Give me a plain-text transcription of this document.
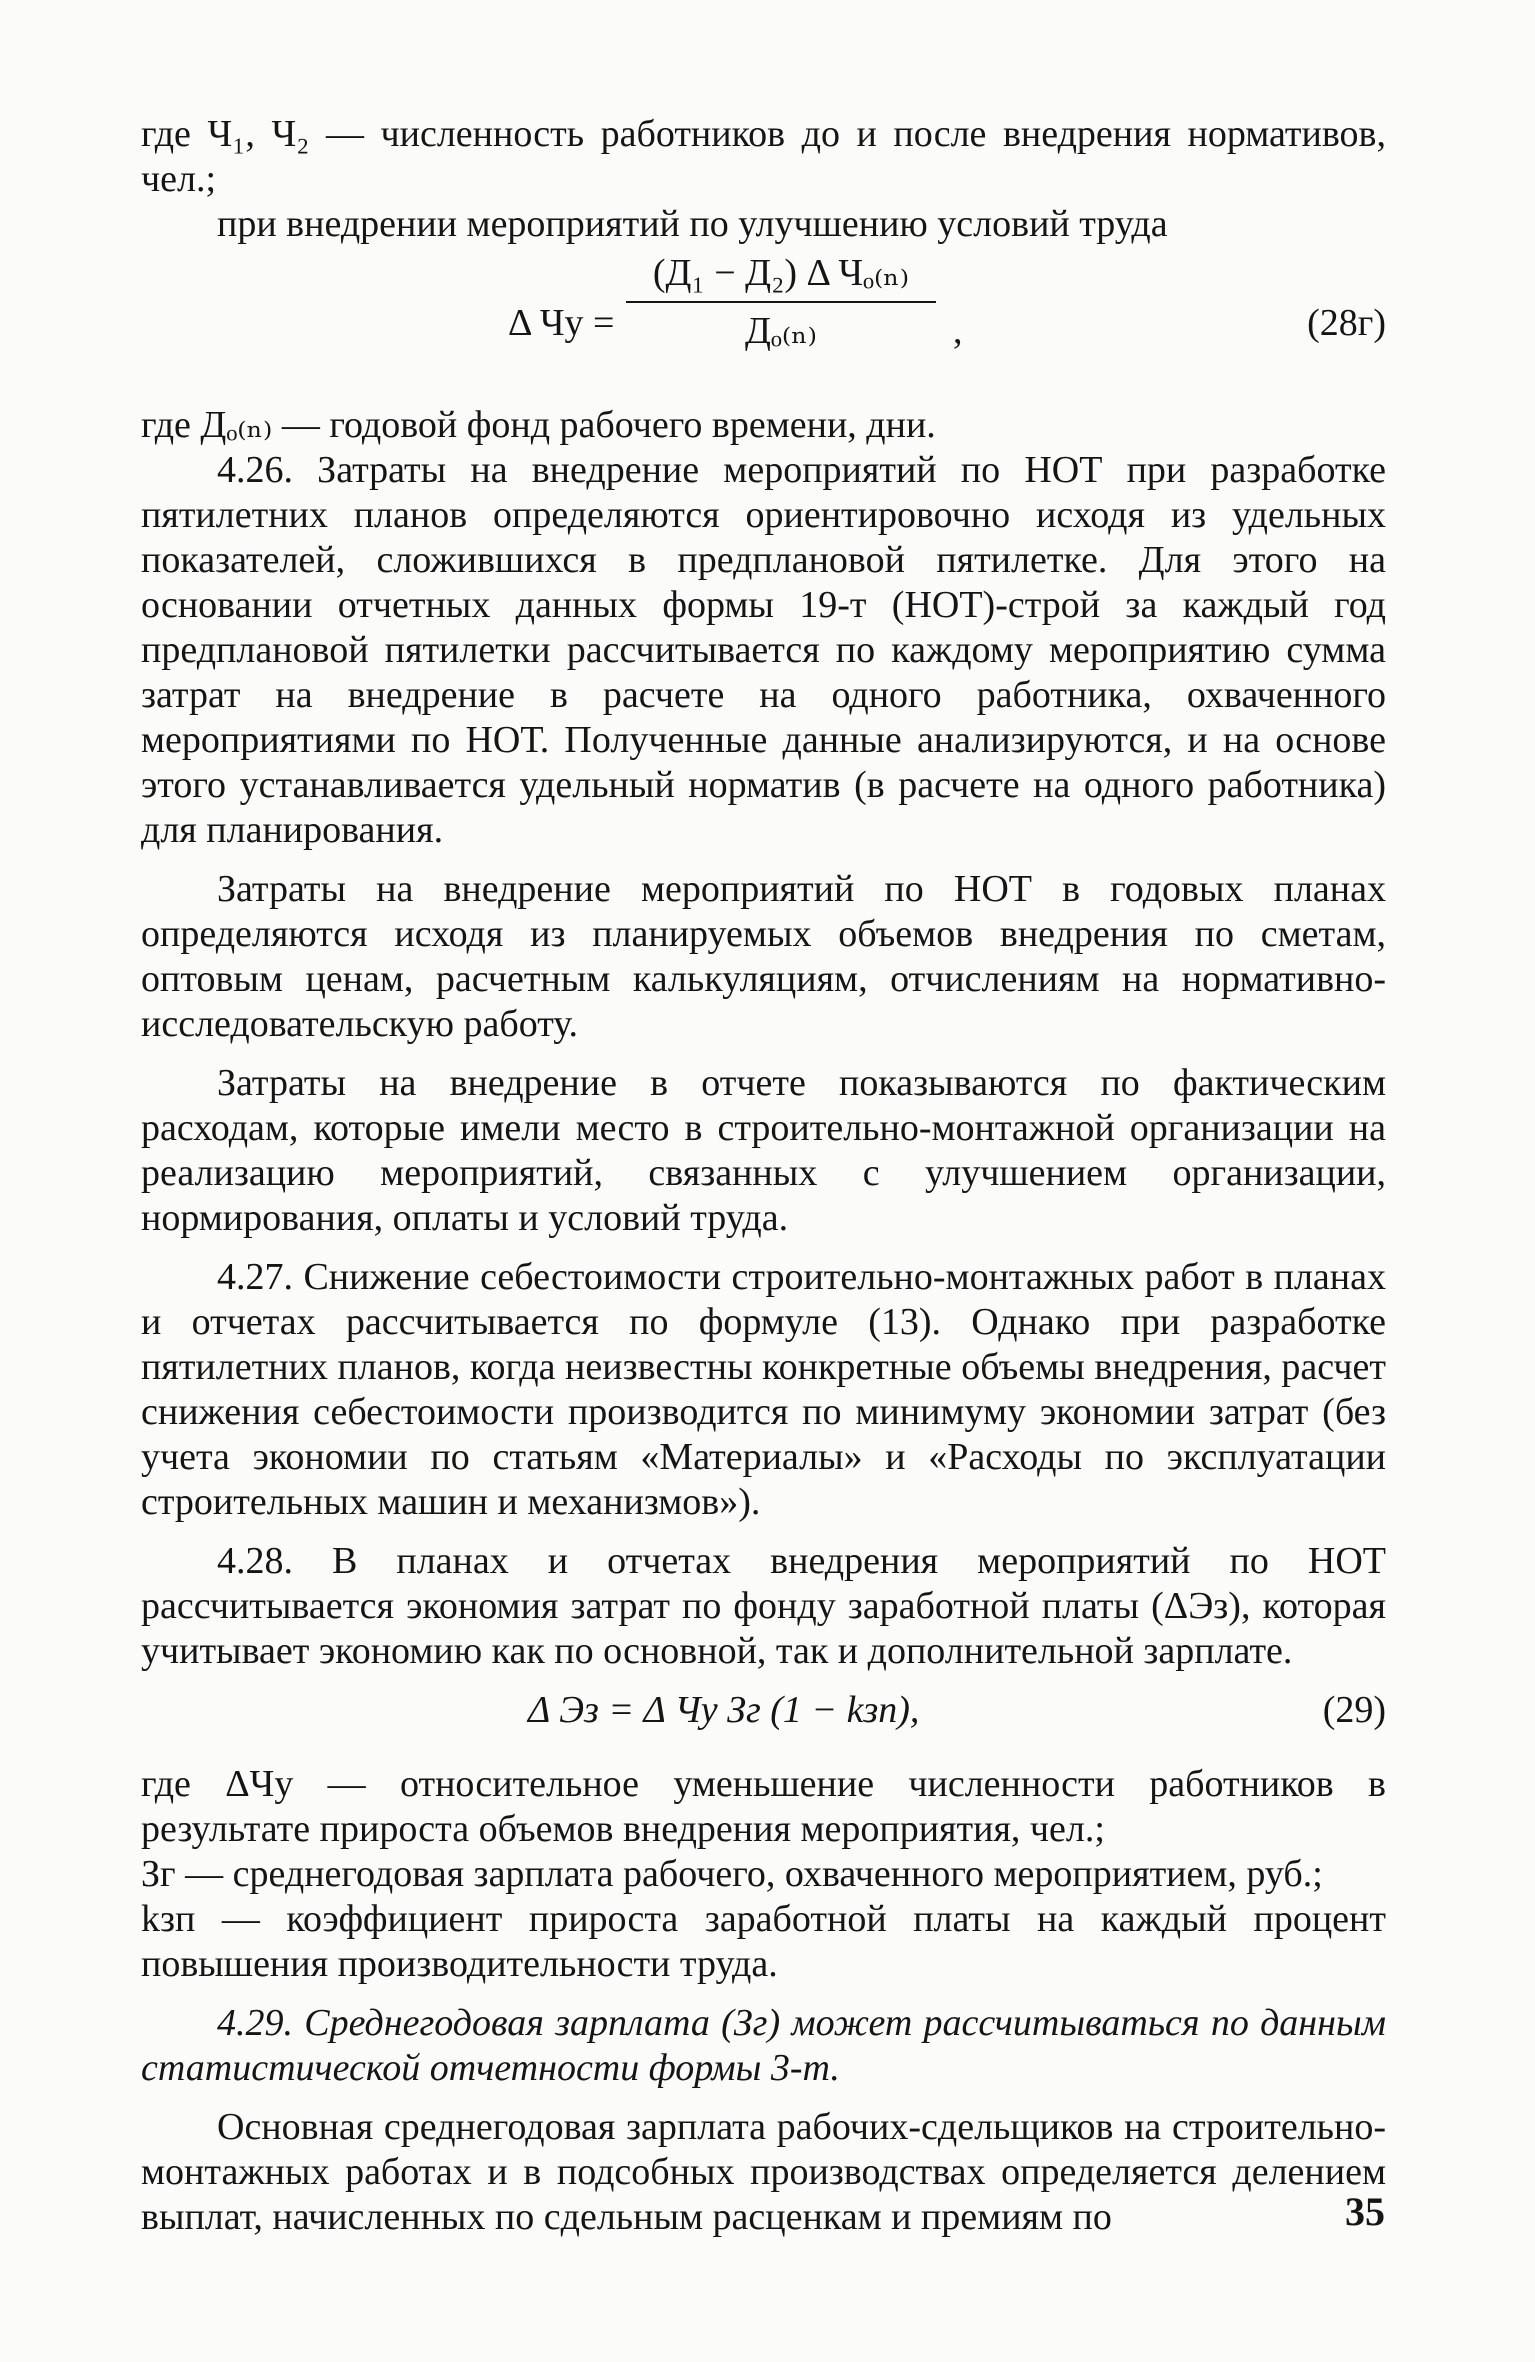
где Ч₁, Ч₂ — численность работников до и после внедрения нормативов, чел.;

при внедрении мероприятий по улучшению условий труда

Δ Чу =
(Д₁ − Д₂) Δ Чₒ₍ₙ₎
Дₒ₍ₙ₎	,	(28г)

где Дₒ₍ₙ₎ — годовой фонд рабочего времени, дни.

4.26. Затраты на внедрение мероприятий по НОТ при разработке пятилетних планов определяются ориентировочно исходя из удельных показателей, сложившихся в предплановой пятилетке. Для этого на основании отчетных данных формы 19-т (НОТ)-строй за каждый год предплановой пятилетки рассчитывается по каждому мероприятию сумма затрат на внедрение в расчете на одного работника, охваченного мероприятиями по НОТ. Полученные данные анализируются, и на основе этого устанавливается удельный норматив (в расчете на одного работника) для планирования.

Затраты на внедрение мероприятий по НОТ в годовых планах определяются исходя из планируемых объемов внедрения по сметам, оптовым ценам, расчетным калькуляциям, отчислениям на нормативно-исследовательскую работу.

Затраты на внедрение в отчете показываются по фактическим расходам, которые имели место в строительно-монтажной организации на реализацию мероприятий, связанных с улучшением организации, нормирования, оплаты и условий труда.

4.27. Снижение себестоимости строительно-монтажных работ в планах и отчетах рассчитывается по формуле (13). Однако при разработке пятилетних планов, когда неизвестны конкретные объемы внедрения, расчет снижения себестоимости производится по минимуму экономии затрат (без учета экономии по статьям «Материалы» и «Расходы по эксплуатации строительных машин и механизмов»).

4.28. В планах и отчетах внедрения мероприятий по НОТ рассчитывается экономия затрат по фонду заработной платы (ΔЭз), которая учитывает экономию как по основной, так и дополнительной зарплате.

Δ Эз = Δ Чу Зг (1 − kзп),	(29)

где ΔЧу — относительное уменьшение численности работников в результате прироста объемов внедрения мероприятия, чел.;

Зг — среднегодовая зарплата рабочего, охваченного мероприятием, руб.;

kзп — коэффициент прироста заработной платы на каждый процент повышения производительности труда.

4.29. Среднегодовая зарплата (Зг) может рассчитываться по данным статистической отчетности формы 3-т.

Основная среднегодовая зарплата рабочих-сдельщиков на строительно-монтажных работах и в подсобных производствах определяется делением выплат, начисленных по сдельным расценкам и премиям по	35
